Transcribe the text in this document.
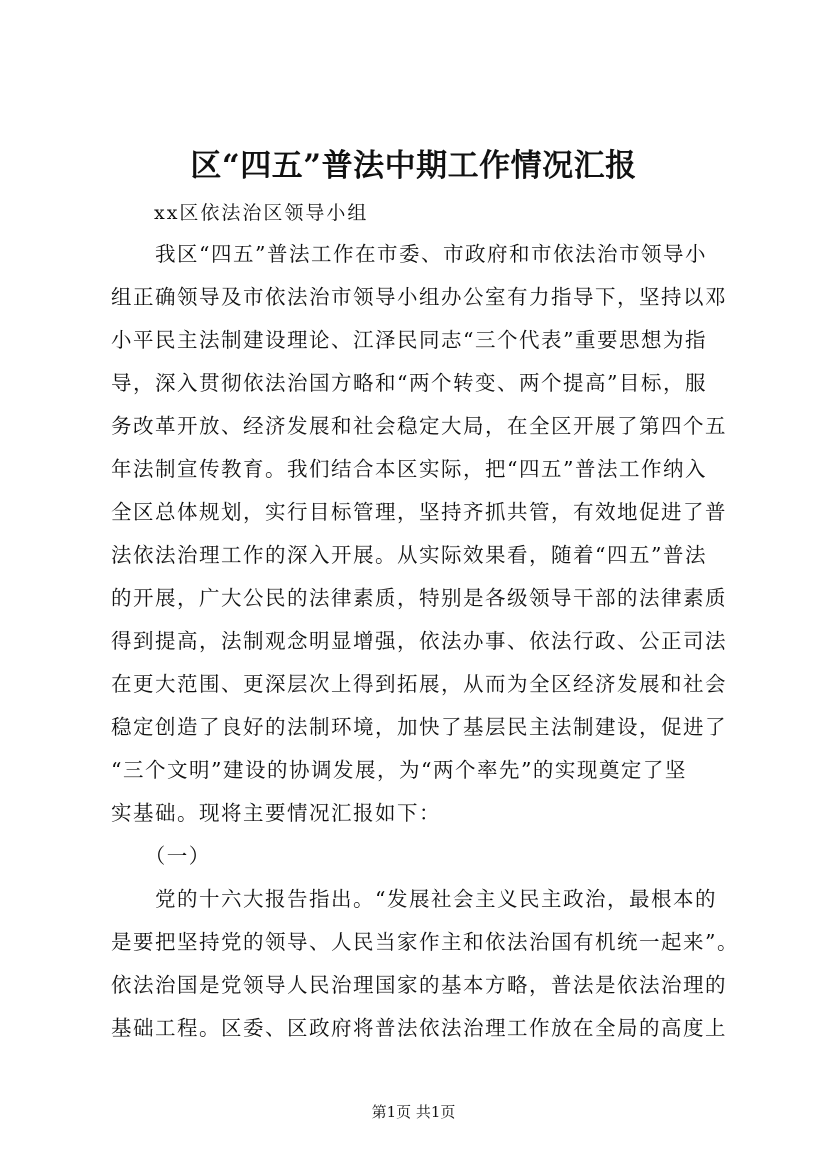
区“四五”普法中期工作情况汇报
xx区依法治区领导小组
　　我区“四五”普法工作在市委、市政府和市依法治市领导小
组正确领导及市依法治市领导小组办公室有力指导下，坚持以邓
小平民主法制建设理论、江泽民同志“三个代表”重要思想为指
导，深入贯彻依法治国方略和“两个转变、两个提高”目标，服
务改革开放、经济发展和社会稳定大局，在全区开展了第四个五
年法制宣传教育。我们结合本区实际，把“四五”普法工作纳入
全区总体规划，实行目标管理，坚持齐抓共管，有效地促进了普
法依法治理工作的深入开展。从实际效果看，随着“四五”普法
的开展，广大公民的法律素质，特别是各级领导干部的法律素质
得到提高，法制观念明显增强，依法办事、依法行政、公正司法
在更大范围、更深层次上得到拓展，从而为全区经济发展和社会
稳定创造了良好的法制环境，加快了基层民主法制建设，促进了
“三个文明”建设的协调发展，为“两个率先”的实现奠定了坚
实基础。现将主要情况汇报如下：
　　（一）
　　党的十六大报告指出。“发展社会主义民主政治，最根本的
是要把坚持党的领导、人民当家作主和依法治国有机统一起来”。
依法治国是党领导人民治理国家的基本方略，普法是依法治理的
基础工程。区委、区政府将普法依法治理工作放在全局的高度上
第1页 共1页
